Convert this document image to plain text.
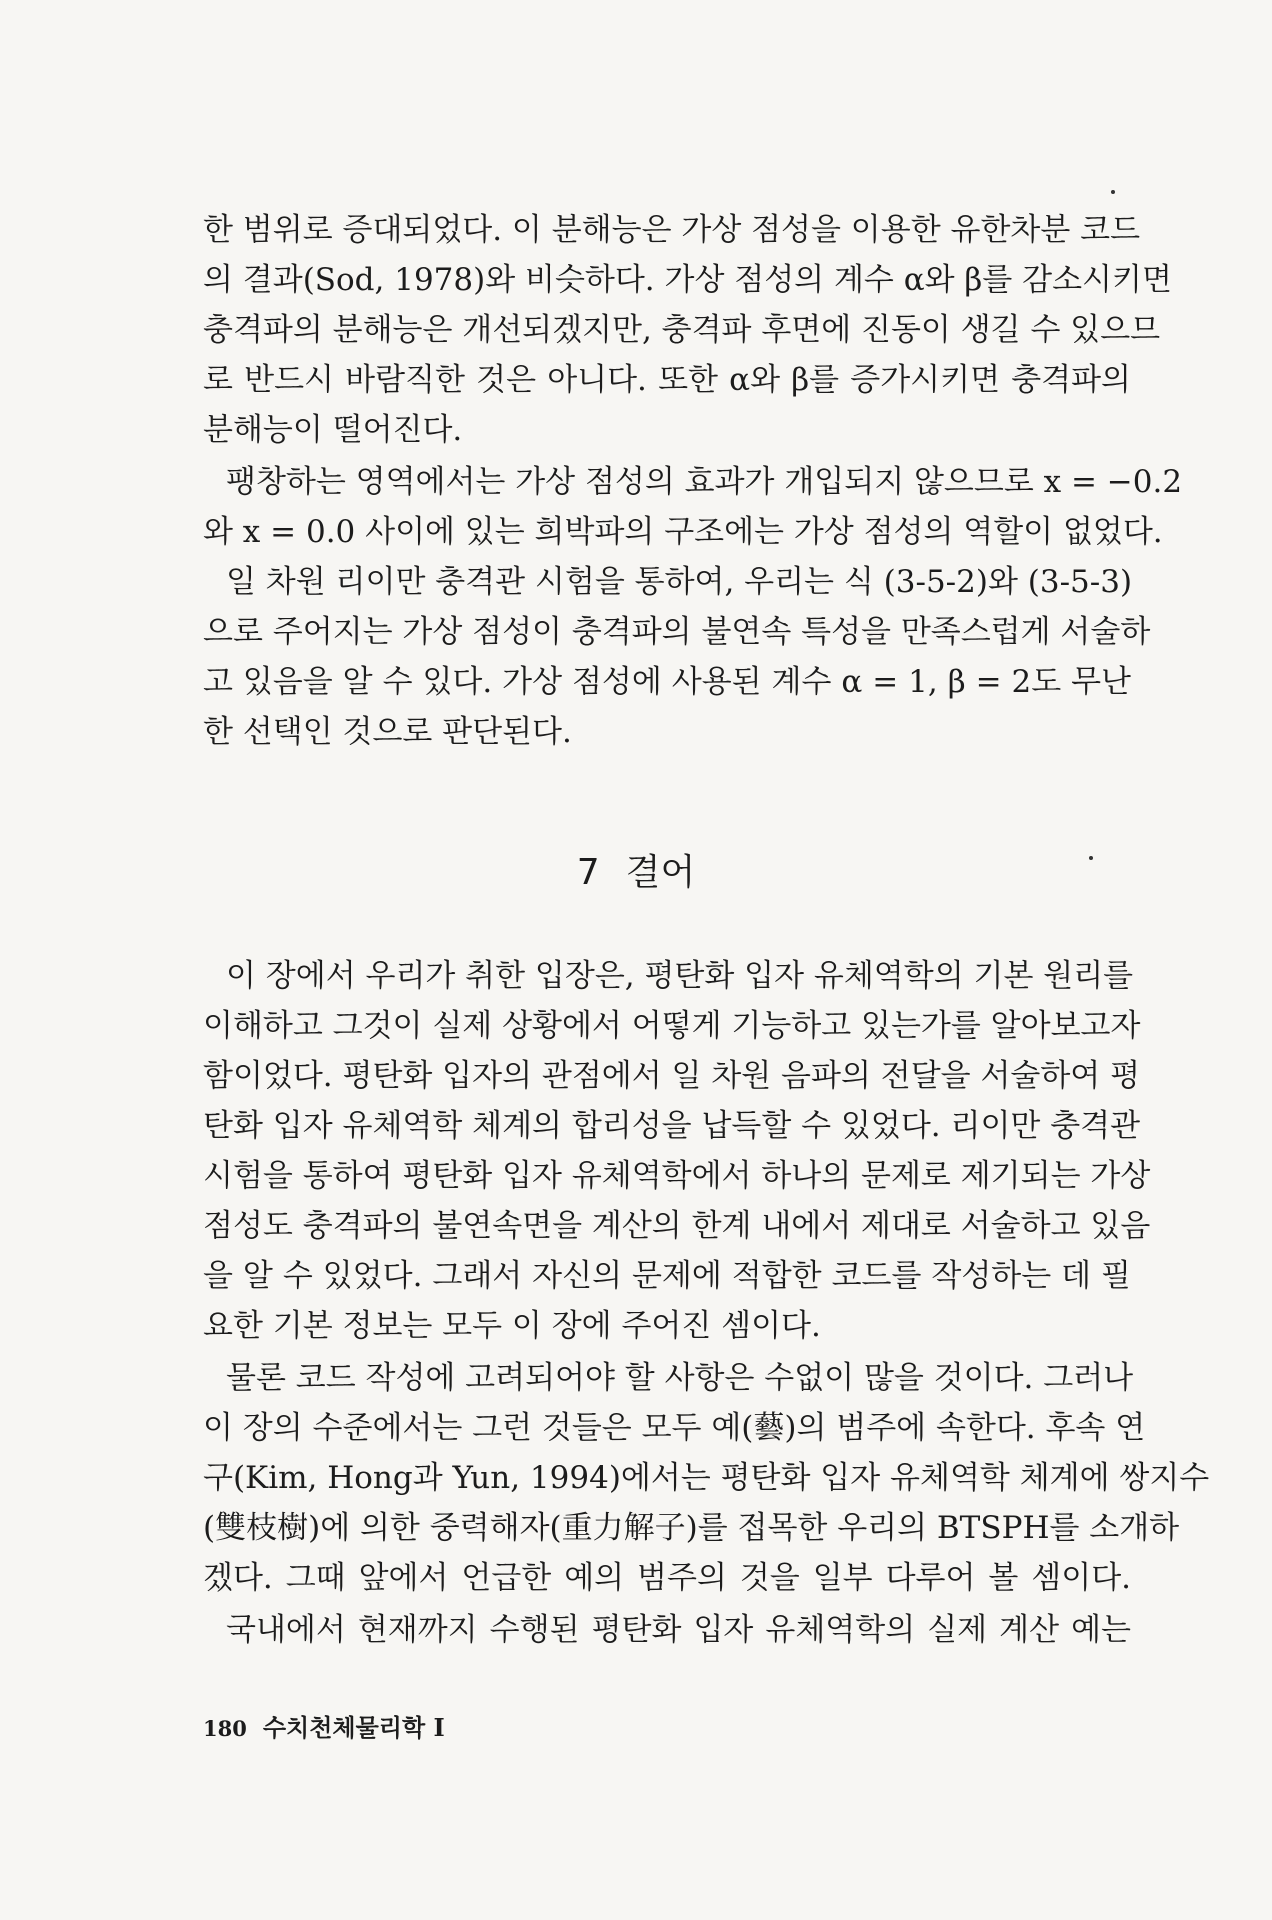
한 범위로 증대되었다. 이 분해능은 가상 점성을 이용한 유한차분 코드
의 결과(Sod, 1978)와 비슷하다. 가상 점성의 계수 α와 β를 감소시키면
충격파의 분해능은 개선되겠지만, 충격파 후면에 진동이 생길 수 있으므
로 반드시 바람직한 것은 아니다. 또한 α와 β를 증가시키면 충격파의
분해능이 떨어진다.
팽창하는 영역에서는 가상 점성의 효과가 개입되지 않으므로 x = −0.2
와 x = 0.0 사이에 있는 희박파의 구조에는 가상 점성의 역할이 없었다.
일 차원 리이만 충격관 시험을 통하여, 우리는 식 (3-5-2)와 (3-5-3)
으로 주어지는 가상 점성이 충격파의 불연속 특성을 만족스럽게 서술하
고 있음을 알 수 있다. 가상 점성에 사용된 계수 α = 1, β = 2도 무난
한 선택인 것으로 판단된다.
7 결어
이 장에서 우리가 취한 입장은, 평탄화 입자 유체역학의 기본 원리를
이해하고 그것이 실제 상황에서 어떻게 기능하고 있는가를 알아보고자
함이었다. 평탄화 입자의 관점에서 일 차원 음파의 전달을 서술하여 평
탄화 입자 유체역학 체계의 합리성을 납득할 수 있었다. 리이만 충격관
시험을 통하여 평탄화 입자 유체역학에서 하나의 문제로 제기되는 가상
점성도 충격파의 불연속면을 계산의 한계 내에서 제대로 서술하고 있음
을 알 수 있었다. 그래서 자신의 문제에 적합한 코드를 작성하는 데 필
요한 기본 정보는 모두 이 장에 주어진 셈이다.
물론 코드 작성에 고려되어야 할 사항은 수없이 많을 것이다. 그러나
이 장의 수준에서는 그런 것들은 모두 예(藝)의 범주에 속한다. 후속 연
구(Kim, Hong과 Yun, 1994)에서는 평탄화 입자 유체역학 체계에 쌍지수
(雙枝樹)에 의한 중력해자(重力解子)를 접목한 우리의 BTSPH를 소개하
겠다. 그때 앞에서 언급한 예의 범주의 것을 일부 다루어 볼 셈이다.
국내에서 현재까지 수행된 평탄화 입자 유체역학의 실제 계산 예는
180 수치천체물리학 I
